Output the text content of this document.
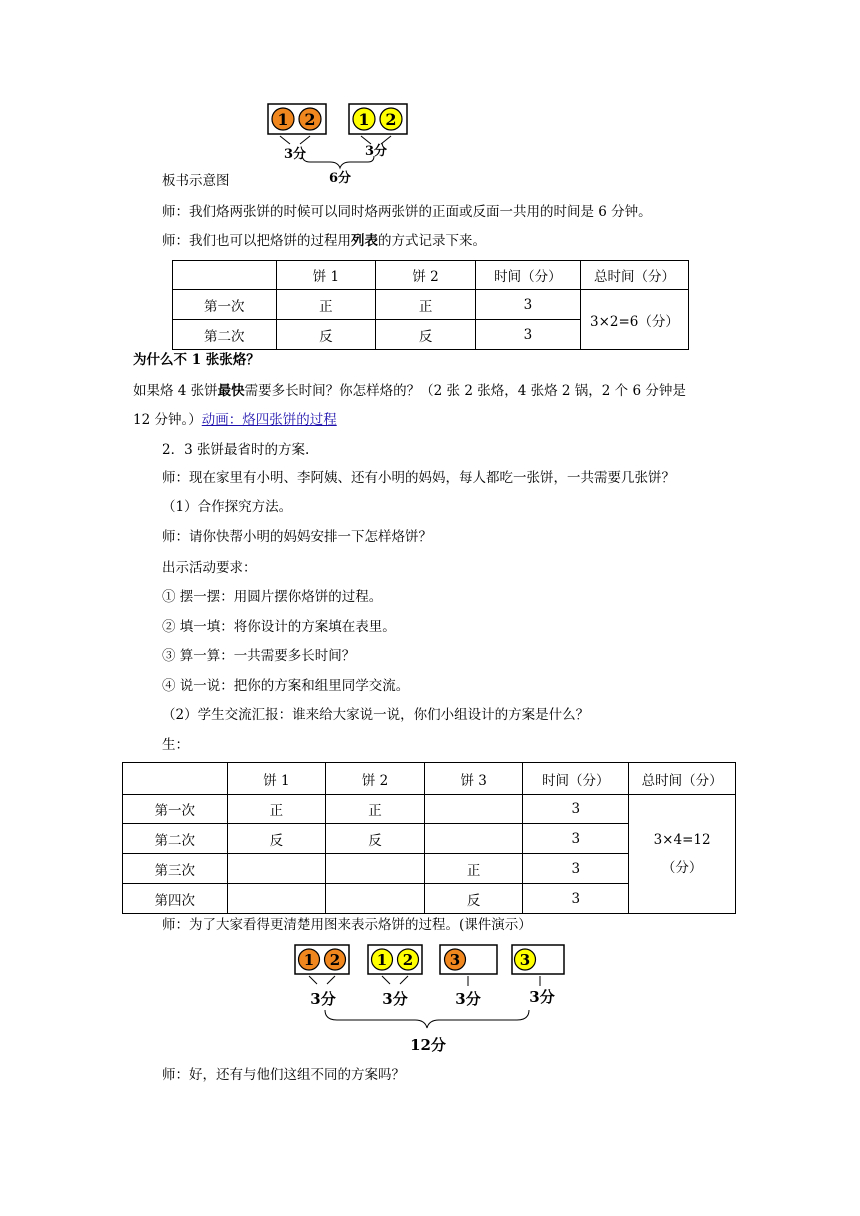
1 2	1 2
3分	3分
6分
板书示意图
师：我们烙两张饼的时候可以同时烙两张饼的正面或反面一共用的时间是 6 分钟。
师：我们也可以把烙饼的过程用列表的方式记录下来。
	饼 1	饼 2	时间（分）	总时间（分）
第一次	正	正	3	3×2=6（分）
第二次	反	反	3	
为什么不 1 张张烙？
如果烙 4 张饼最快需要多长时间？你怎样烙的？（2 张 2 张烙，4 张烙 2 锅，2 个 6 分钟是
12 分钟。）动画：烙四张饼的过程
2．3 张饼最省时的方案.
师：现在家里有小明、李阿姨、还有小明的妈妈，每人都吃一张饼，一共需要几张饼？
（1）合作探究方法。
师：请你快帮小明的妈妈安排一下怎样烙饼？
出示活动要求：
① 摆一摆：用圆片摆你烙饼的过程。
② 填一填：将你设计的方案填在表里。
③ 算一算：一共需要多长时间？
④ 说一说：把你的方案和组里同学交流。
（2）学生交流汇报：谁来给大家说一说，你们小组设计的方案是什么？
生：
	饼 1	饼 2	饼 3	时间（分）	总时间（分）
第一次	正	正		3	3×4=12
（分）

第二次	反	反		3	
第三次			正	3	
第四次			反	3	
师：为了大家看得更清楚用图来表示烙饼的过程。(课件演示）
1 2 1 2 3	3
3分	3分	3分	3分
12分
师：好，还有与他们这组不同的方案吗？
